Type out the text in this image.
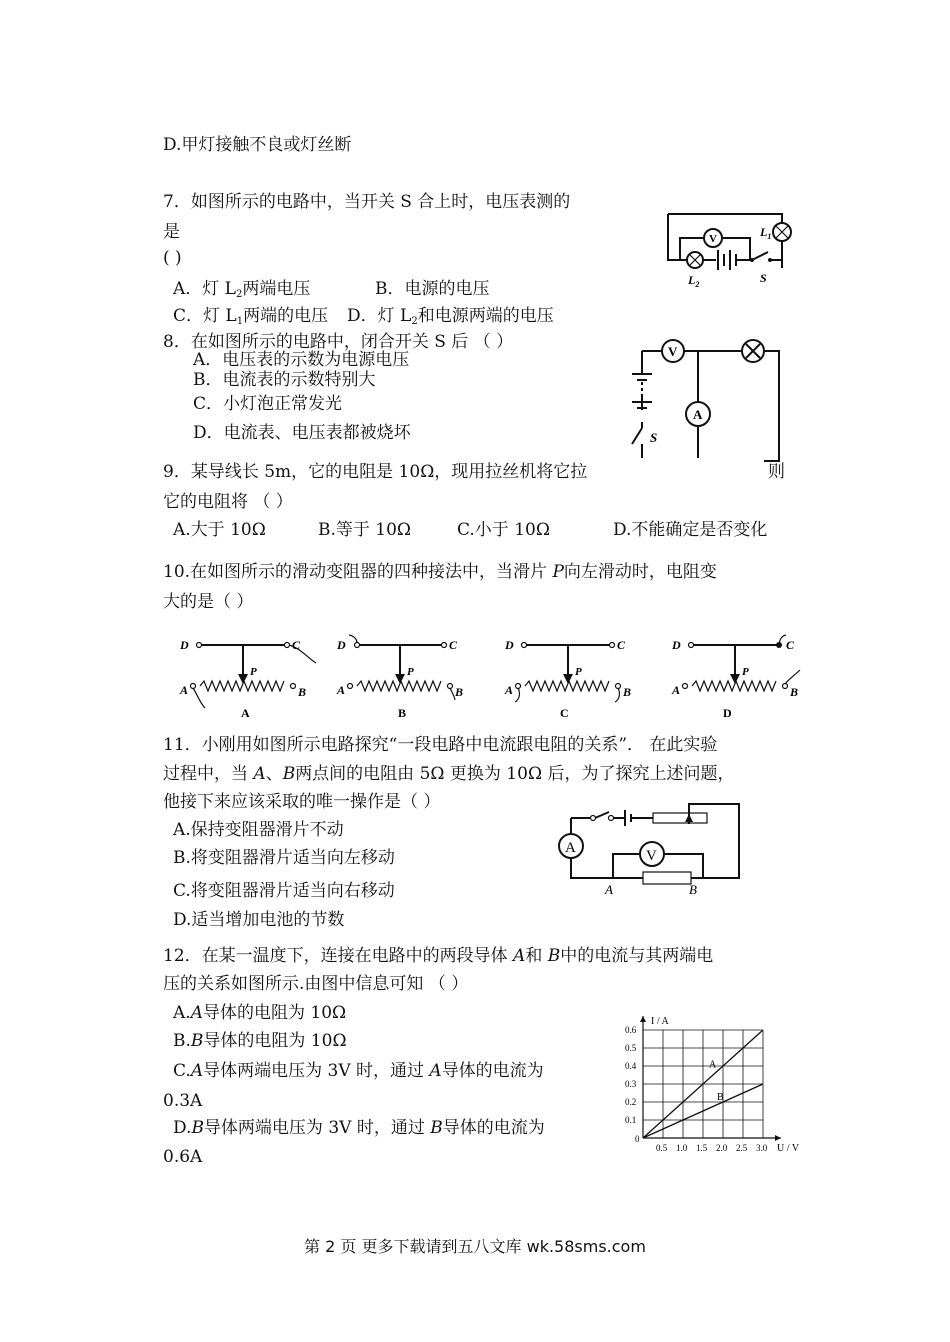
D.甲灯接触不良或灯丝断
7．如图所示的电路中，当开关 S 合上时，电压表测的
是
( )
A．灯 $L_2$两端电压	B．电源的电压
C．灯 $L_1$两端的电压 D．灯 $L_2$和电源两端的电压
V	$L_1$
$L_2$	S
8．在如图所示的电路中，闭合开关 S 后 （ ）
A．电压表的示数为电源电压
B．电流表的示数特别大
C．小灯泡正常发光
D．电流表、电压表都被烧坏
V
A
S
9．某导线长 5m，它的电阻是 10Ω，现用拉丝机将它拉	则
它的电阻将 （ ）
A.大于 10Ω	B.等于 10Ω	C.小于 10Ω	D.不能确定是否变化
10.在如图所示的滑动变阻器的四种接法中，当滑片 P向左滑动时，电阻变
大的是（ ）
D	C
P
A	B
A
D	C
P
A	B
B
D	C
P
A	B
C
D	C
P
A	B
D
11．小刚用如图所示电路探究“一段电路中电流跟电阻的关系”． 在此实验
过程中，当 A、B两点间的电阻由 5Ω 更换为 10Ω 后，为了探究上述问题，
他接下来应该采取的唯一操作是（ ）
A.保持变阻器滑片不动
B.将变阻器滑片适当向左移动
C.将变阻器滑片适当向右移动
D.适当增加电池的节数
A	V
A	B
12．在某一温度下，连接在电路中的两段导体 A和 B中的电流与其两端电
压的关系如图所示.由图中信息可知 （ ）
A.A导体的电阻为 10Ω
B.B导体的电阻为 10Ω
C.A导体两端电压为 3V 时，通过 A导体的电流为
0.3A
D.B导体两端电压为 3V 时，通过 B导体的电流为
0.6A	0.5 1.0 1.5 2.0 2.5 3.0
0.1
0.2
0.3
0.4
0.5
0.6
0
I / A
U / V
A
B
第 2 页 更多下载请到五八文库 wk.58sms.com
